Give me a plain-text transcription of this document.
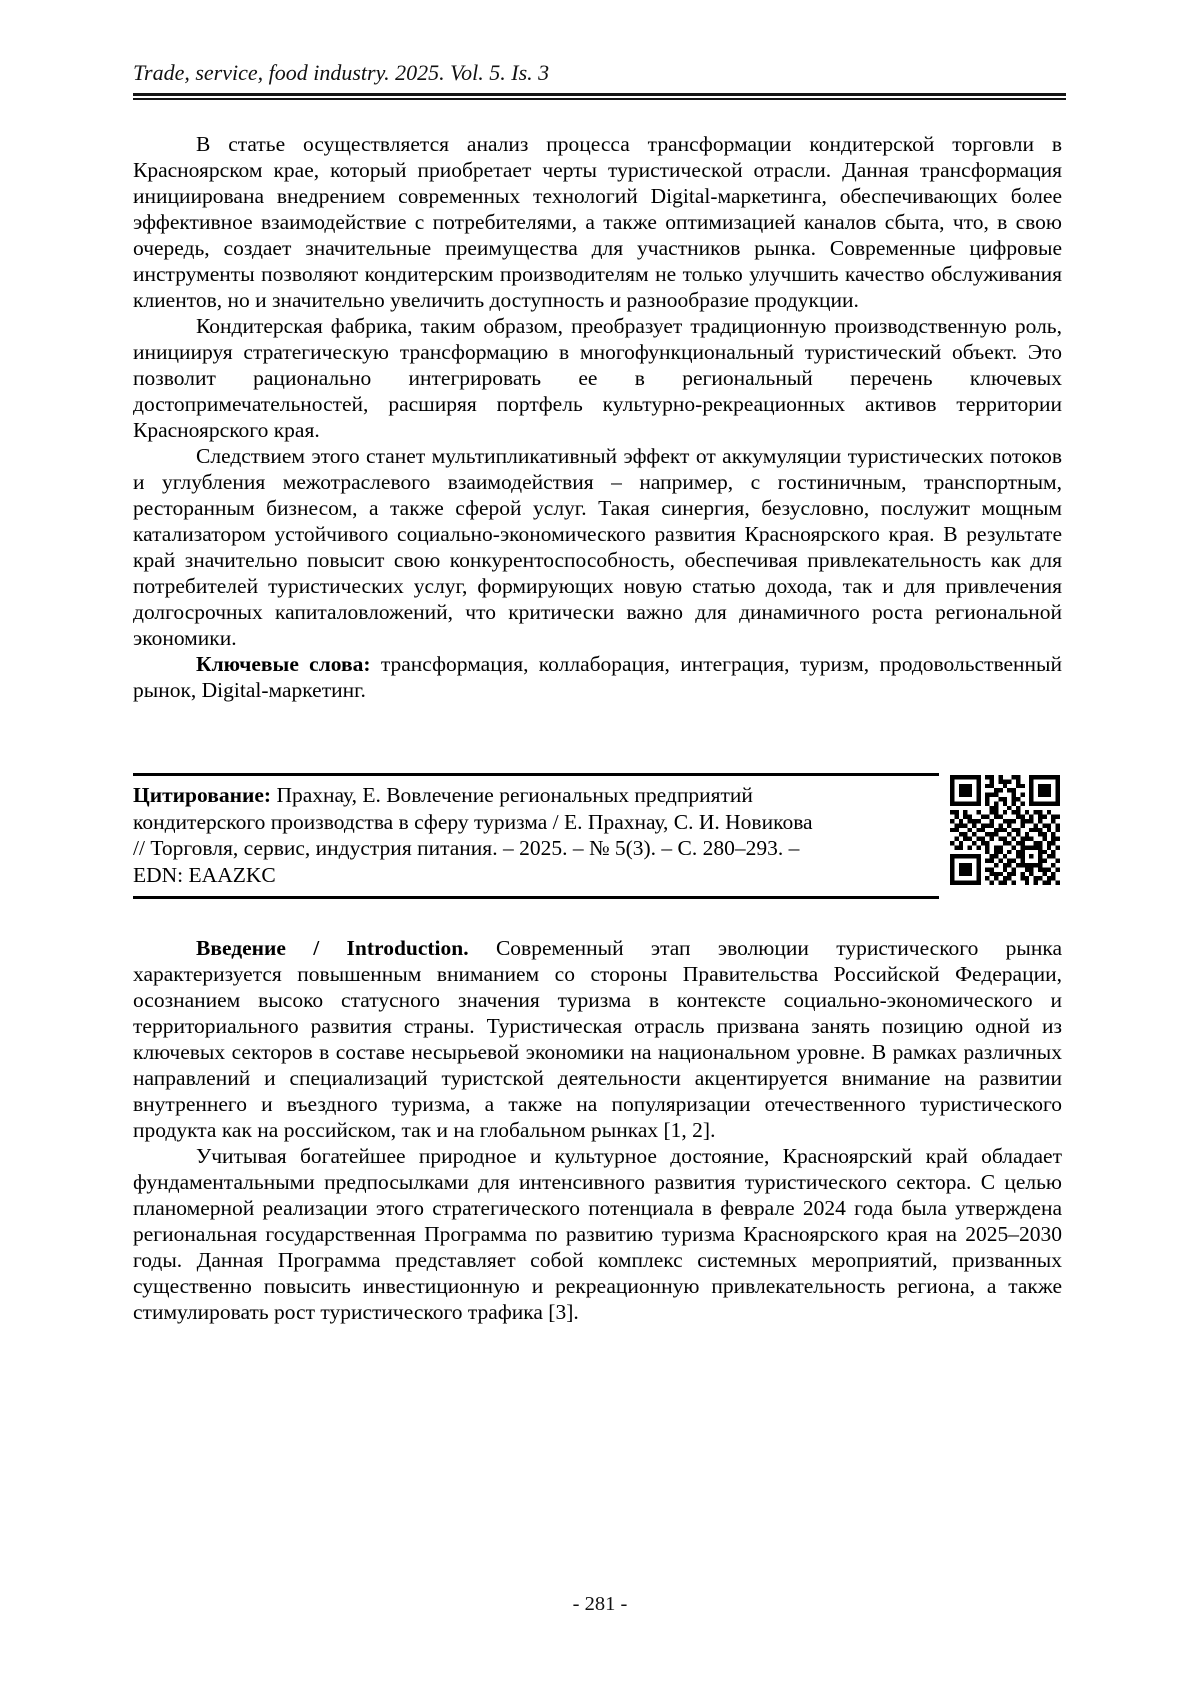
Trade, service, food industry. 2025. Vol. 5. Is. 3

В статье осуществляется анализ процесса трансформации кондитерской торговли в Красноярском крае, который приобретает черты туристической отрасли. Данная трансформация инициирована внедрением современных технологий Digital-маркетинга, обеспечивающих более эффективное взаимодействие с потребителями, а также оптимизацией каналов сбыта, что, в свою очередь, создает значительные преимущества для участников рынка. Современные цифровые инструменты позволяют кондитерским производителям не только улучшить качество обслуживания клиентов, но и значительно увеличить доступность и разнообразие продукции.

Кондитерская фабрика, таким образом, преобразует традиционную производственную роль, инициируя стратегическую трансформацию в многофункциональный туристический объект. Это позволит рационально интегрировать ее в региональный перечень ключевых достопримечательностей, расширяя портфель культурно-рекреационных активов территории Красноярского края.

Следствием этого станет мультипликативный эффект от аккумуляции туристических потоков и углубления межотраслевого взаимодействия – например, с гостиничным, транспортным, ресторанным бизнесом, а также сферой услуг. Такая синергия, безусловно, послужит мощным катализатором устойчивого социально-экономического развития Красноярского края. В результате край значительно повысит свою конкурентоспособность, обеспечивая привлекательность как для потребителей туристических услуг, формирующих новую статью дохода, так и для привлечения долгосрочных капиталовложений, что критически важно для динамичного роста региональной экономики.

Ключевые слова: трансформация, коллаборация, интеграция, туризм, продовольственный рынок, Digital-маркетинг.

Цитирование: Прахнау, Е. Вовлечение региональных предприятий
кондитерского производства в сферу туризма / Е. Прахнау, С. И. Новикова
// Торговля, сервис, индустрия питания. – 2025. – № 5(3). – С. 280–293. –
EDN: EAAZKC

Введение / Introduction. Современный этап эволюции туристического рынка характеризуется повышенным вниманием со стороны Правительства Российской Федерации, осознанием высоко статусного значения туризма в контексте социально-экономического и территориального развития страны. Туристическая отрасль призвана занять позицию одной из ключевых секторов в составе несырьевой экономики на национальном уровне. В рамках различных направлений и специализаций туристской деятельности акцентируется внимание на развитии внутреннего и въездного туризма, а также на популяризации отечественного туристического продукта как на российском, так и на глобальном рынках [1, 2].

Учитывая богатейшее природное и культурное достояние, Красноярский край обладает фундаментальными предпосылками для интенсивного развития туристического сектора. С целью планомерной реализации этого стратегического потенциала в феврале 2024 года была утверждена региональная государственная Программа по развитию туризма Красноярского края на 2025–2030 годы. Данная Программа представляет собой комплекс системных мероприятий, призванных существенно повысить инвестиционную и рекреационную привлекательность региона, а также стимулировать рост туристического трафика [3].

- 281 -
